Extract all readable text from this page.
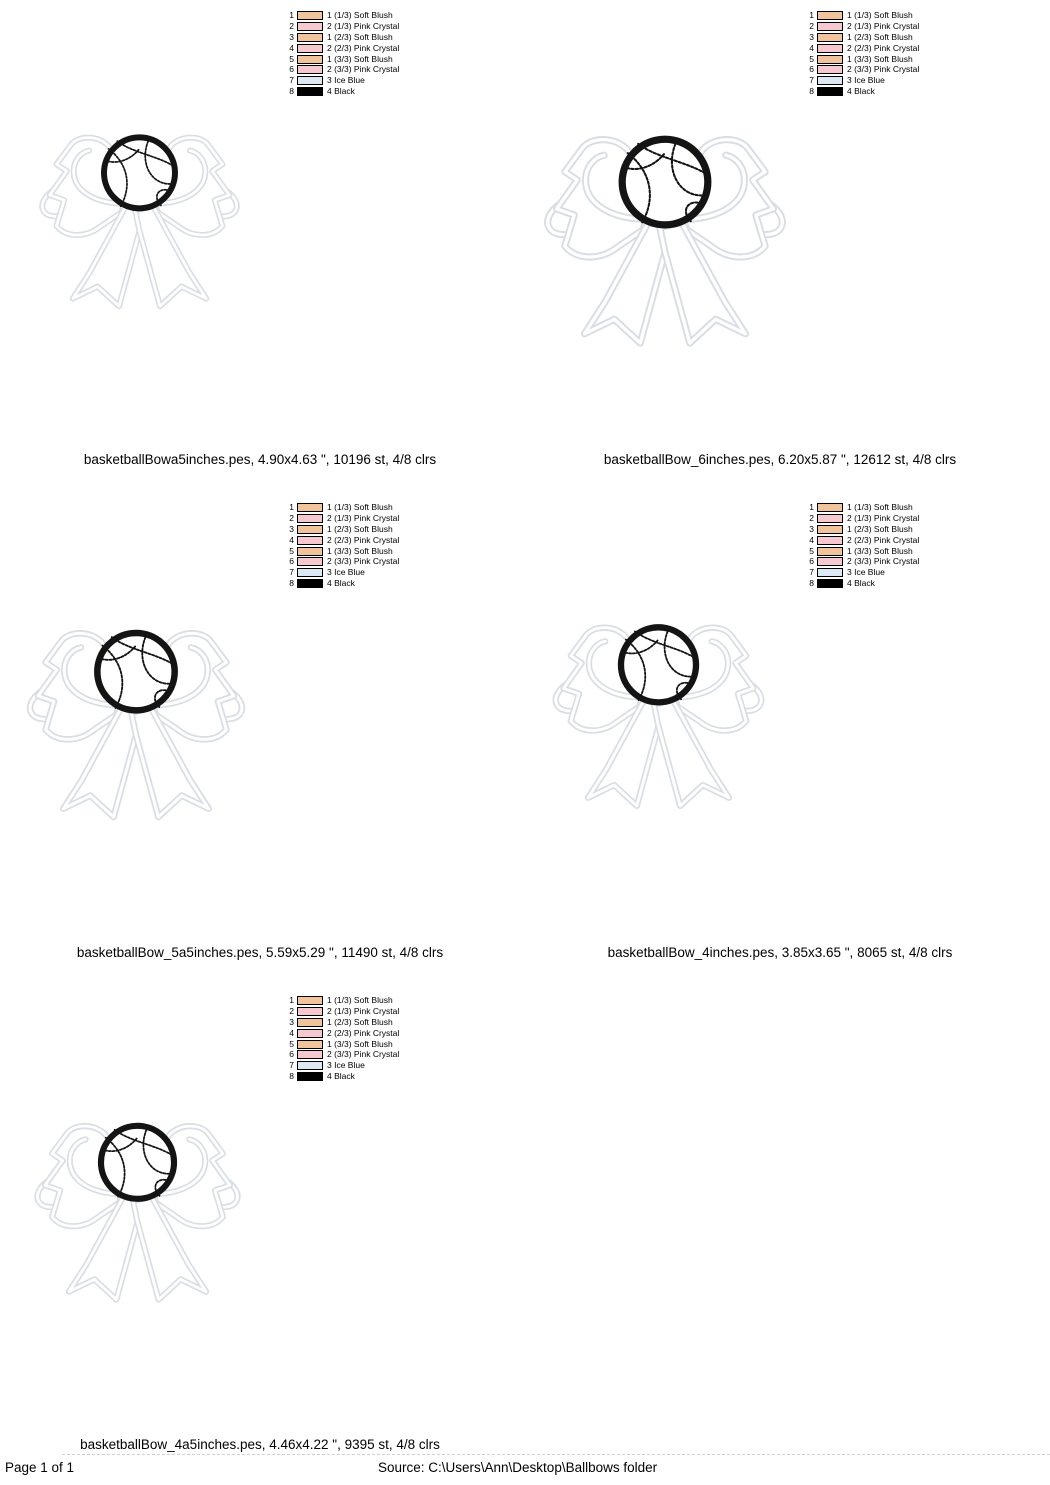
1	1 (1/3) Soft Blush
2	2 (1/3) Pink Crystal
3	1 (2/3) Soft Blush
4	2 (2/3) Pink Crystal
5	1 (3/3) Soft Blush
6	2 (3/3) Pink Crystal
7	3 Ice Blue
8	4 Black
1	1 (1/3) Soft Blush
2	2 (1/3) Pink Crystal
3	1 (2/3) Soft Blush
4	2 (2/3) Pink Crystal
5	1 (3/3) Soft Blush
6	2 (3/3) Pink Crystal
7	3 Ice Blue
8	4 Black
1	1 (1/3) Soft Blush
2	2 (1/3) Pink Crystal
3	1 (2/3) Soft Blush
4	2 (2/3) Pink Crystal
5	1 (3/3) Soft Blush
6	2 (3/3) Pink Crystal
7	3 Ice Blue
8	4 Black
1	1 (1/3) Soft Blush
2	2 (1/3) Pink Crystal
3	1 (2/3) Soft Blush
4	2 (2/3) Pink Crystal
5	1 (3/3) Soft Blush
6	2 (3/3) Pink Crystal
7	3 Ice Blue
8	4 Black
1	1 (1/3) Soft Blush
2	2 (1/3) Pink Crystal
3	1 (2/3) Soft Blush
4	2 (2/3) Pink Crystal
5	1 (3/3) Soft Blush
6	2 (3/3) Pink Crystal
7	3 Ice Blue
8	4 Black
basketballBowa5inches.pes, 4.90x4.63 ", 10196 st, 4/8 clrs	basketballBow_6inches.pes, 6.20x5.87 ", 12612 st, 4/8 clrs
basketballBow_5a5inches.pes, 5.59x5.29 ", 11490 st, 4/8 clrs	basketballBow_4inches.pes, 3.85x3.65 ", 8065 st, 4/8 clrs
basketballBow_4a5inches.pes, 4.46x4.22 ", 9395 st, 4/8 clrs
Page 1 of 1	Source: C:\Users\Ann\Desktop\Ballbows folder
